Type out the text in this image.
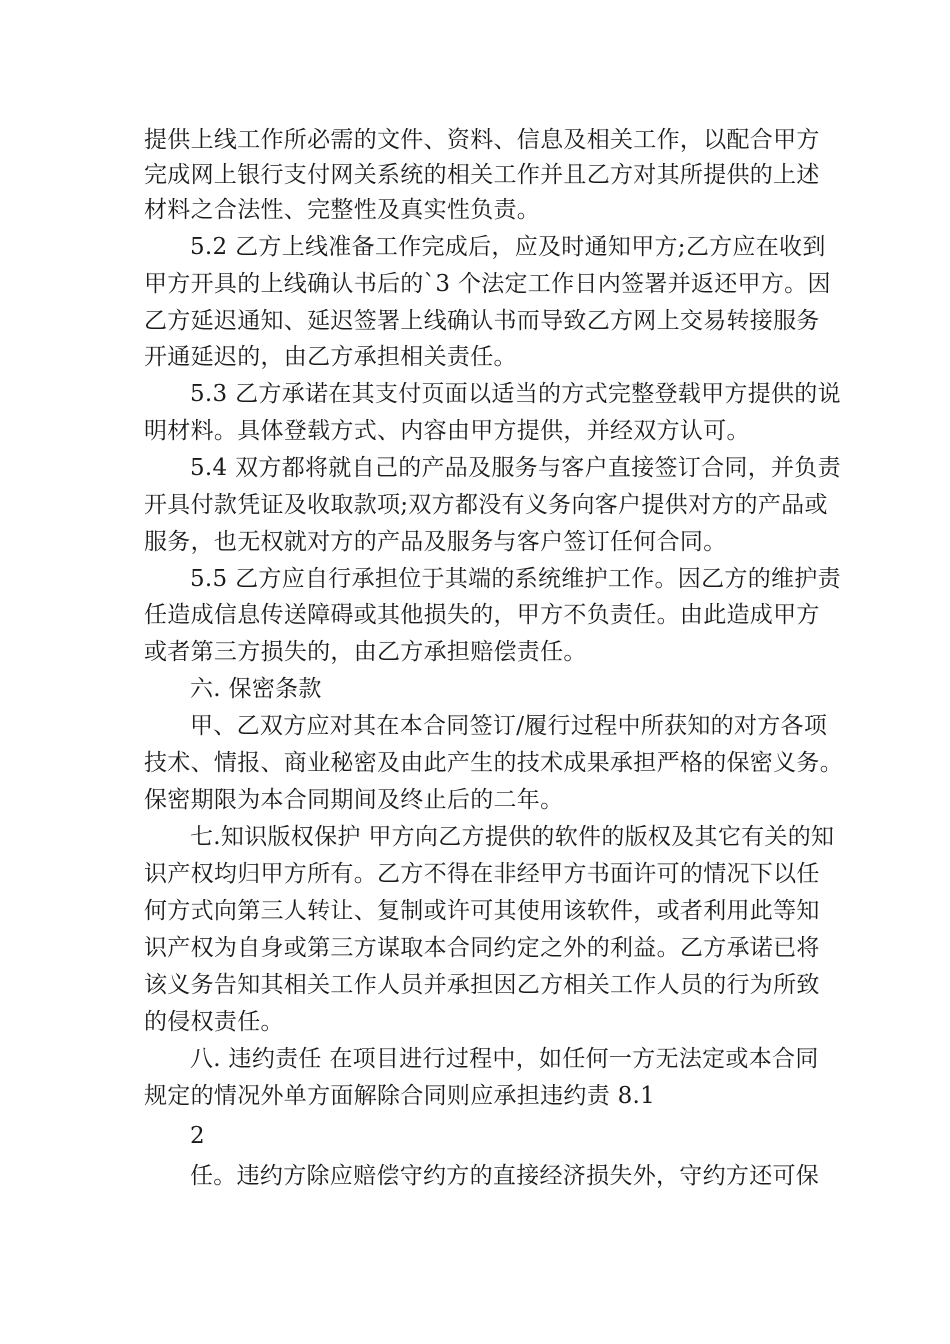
提供上线工作所必需的文件、资料、信息及相关工作，以配合甲方
完成网上银行支付网关系统的相关工作并且乙方对其所提供的上述
材料之合法性、完整性及真实性负责。
5.2 乙方上线准备工作完成后，应及时通知甲方;乙方应在收到
甲方开具的上线确认书后的`3 个法定工作日内签署并返还甲方。因
乙方延迟通知、延迟签署上线确认书而导致乙方网上交易转接服务
开通延迟的，由乙方承担相关责任。
5.3 乙方承诺在其支付页面以适当的方式完整登载甲方提供的说
明材料。具体登载方式、内容由甲方提供，并经双方认可。
5.4 双方都将就自己的产品及服务与客户直接签订合同，并负责
开具付款凭证及收取款项;双方都没有义务向客户提供对方的产品或
服务，也无权就对方的产品及服务与客户签订任何合同。
5.5 乙方应自行承担位于其端的系统维护工作。因乙方的维护责
任造成信息传送障碍或其他损失的，甲方不负责任。由此造成甲方
或者第三方损失的，由乙方承担赔偿责任。
六. 保密条款
甲、乙双方应对其在本合同签订/履行过程中所获知的对方各项
技术、情报、商业秘密及由此产生的技术成果承担严格的保密义务。
保密期限为本合同期间及终止后的二年。
七.知识版权保护 甲方向乙方提供的软件的版权及其它有关的知
识产权均归甲方所有。乙方不得在非经甲方书面许可的情况下以任
何方式向第三人转让、复制或许可其使用该软件，或者利用此等知
识产权为自身或第三方谋取本合同约定之外的利益。乙方承诺已将
该义务告知其相关工作人员并承担因乙方相关工作人员的行为所致
的侵权责任。
八. 违约责任 在项目进行过程中，如任何一方无法定或本合同
规定的情况外单方面解除合同则应承担违约责 8.1
2
任。违约方除应赔偿守约方的直接经济损失外，守约方还可保
